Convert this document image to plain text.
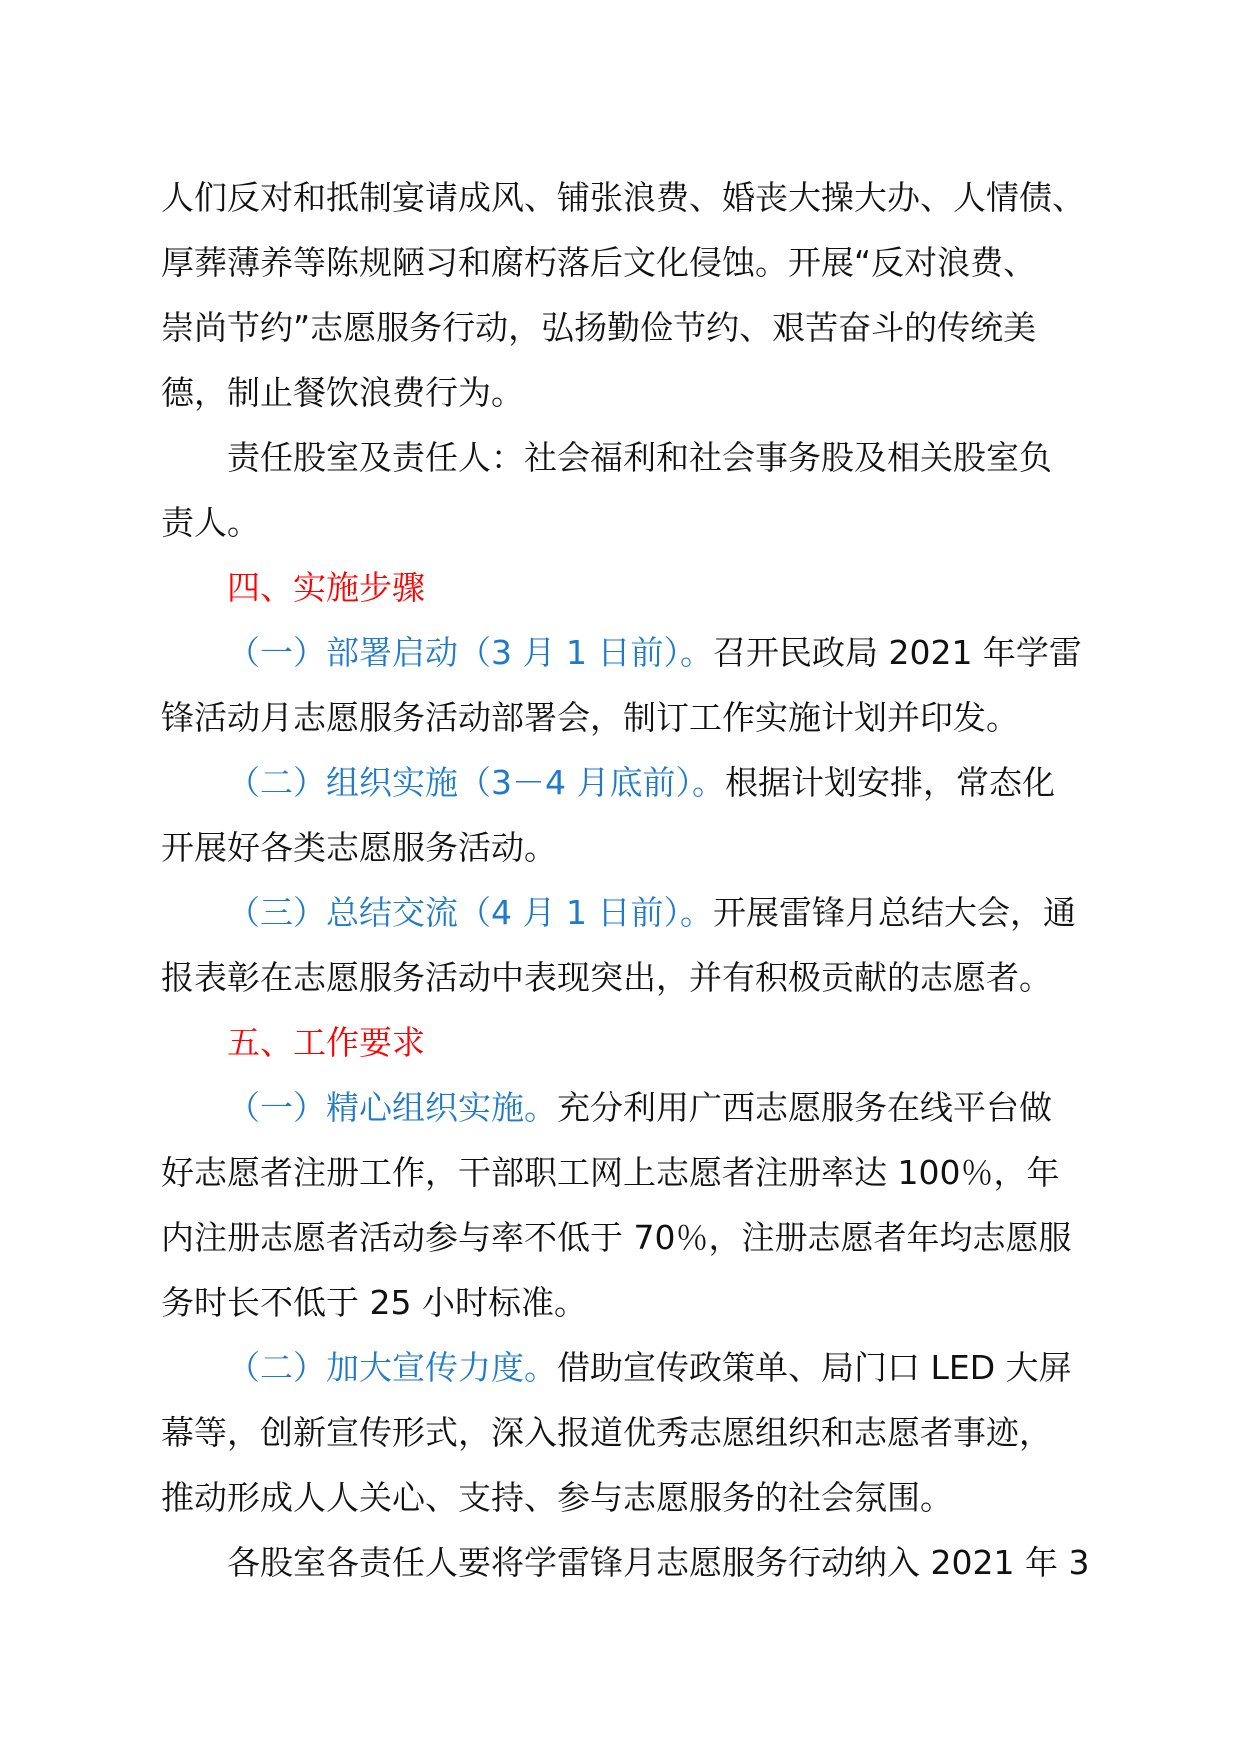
人们反对和抵制宴请成风、铺张浪费、婚丧大操大办、人情债、
厚葬薄养等陈规陋习和腐朽落后文化侵蚀。开展“反对浪费、
崇尚节约”志愿服务行动，弘扬勤俭节约、艰苦奋斗的传统美
德，制止餐饮浪费行为。

责任股室及责任人：社会福利和社会事务股及相关股室负
责人。

四、实施步骤

（一）部署启动（3 月 1 日前）。召开民政局 2021 年学雷
锋活动月志愿服务活动部署会，制订工作实施计划并印发。

（二）组织实施（3－4 月底前）。根据计划安排，常态化
开展好各类志愿服务活动。

（三）总结交流（4 月 1 日前）。开展雷锋月总结大会，通
报表彰在志愿服务活动中表现突出，并有积极贡献的志愿者。

五、工作要求

（一）精心组织实施。充分利用广西志愿服务在线平台做
好志愿者注册工作，干部职工网上志愿者注册率达 100％，年
内注册志愿者活动参与率不低于 70％，注册志愿者年均志愿服
务时长不低于 25 小时标准。

（二）加大宣传力度。借助宣传政策单、局门口 LED 大屏
幕等，创新宣传形式，深入报道优秀志愿组织和志愿者事迹，
推动形成人人关心、支持、参与志愿服务的社会氛围。

各股室各责任人要将学雷锋月志愿服务行动纳入 2021 年 3
